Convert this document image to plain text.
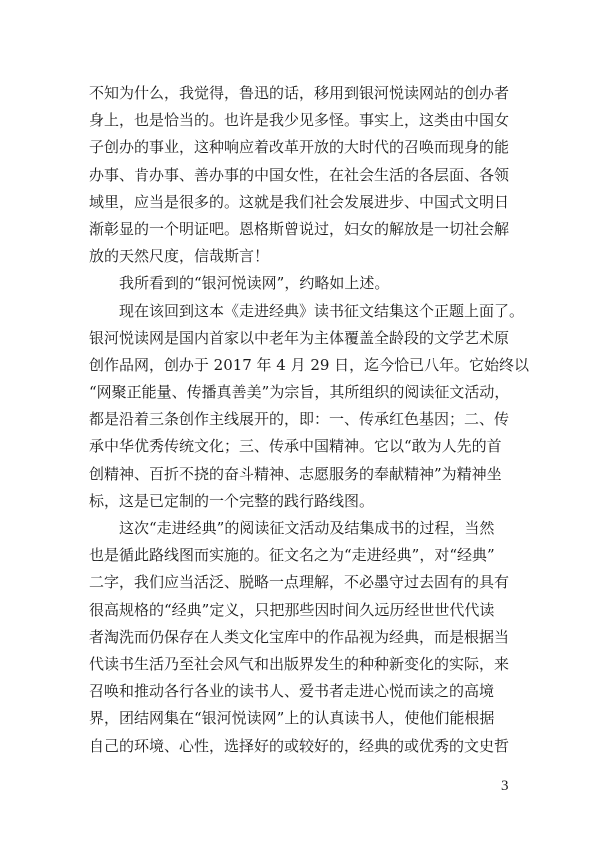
不知为什么，我觉得，鲁迅的话，移用到银河悦读网站的创办者
身上，也是恰当的。也许是我少见多怪。事实上，这类由中国女
子创办的事业，这种响应着改革开放的大时代的召唤而现身的能
办事、肯办事、善办事的中国女性，在社会生活的各层面、各领
域里，应当是很多的。这就是我们社会发展进步、中国式文明日
渐彰显的一个明证吧。恩格斯曾说过，妇女的解放是一切社会解
放的天然尺度，信哉斯言！
我所看到的“银河悦读网”，约略如上述。
现在该回到这本《走进经典》读书征文结集这个正题上面了。
银河悦读网是国内首家以中老年为主体覆盖全龄段的文学艺术原
创作品网，创办于 2017 年 4 月 29 日，迄今恰已八年。它始终以
“网聚正能量、传播真善美”为宗旨，其所组织的阅读征文活动，
都是沿着三条创作主线展开的，即：一、传承红色基因；二、传
承中华优秀传统文化；三、传承中国精神。它以“敢为人先的首
创精神、百折不挠的奋斗精神、志愿服务的奉献精神”为精神坐
标，这是已定制的一个完整的践行路线图。
这次“走进经典”的阅读征文活动及结集成书的过程，当然
也是循此路线图而实施的。征文名之为“走进经典”，对“经典”
二字，我们应当活泛、脱略一点理解，不必墨守过去固有的具有
很高规格的“经典”定义，只把那些因时间久远历经世世代代读
者淘洗而仍保存在人类文化宝库中的作品视为经典，而是根据当
代读书生活乃至社会风气和出版界发生的种种新变化的实际，来
召唤和推动各行各业的读书人、爱书者走进心悦而读之的高境
界，团结网集在“银河悦读网”上的认真读书人，使他们能根据
自己的环境、心性，选择好的或较好的，经典的或优秀的文史哲
3
